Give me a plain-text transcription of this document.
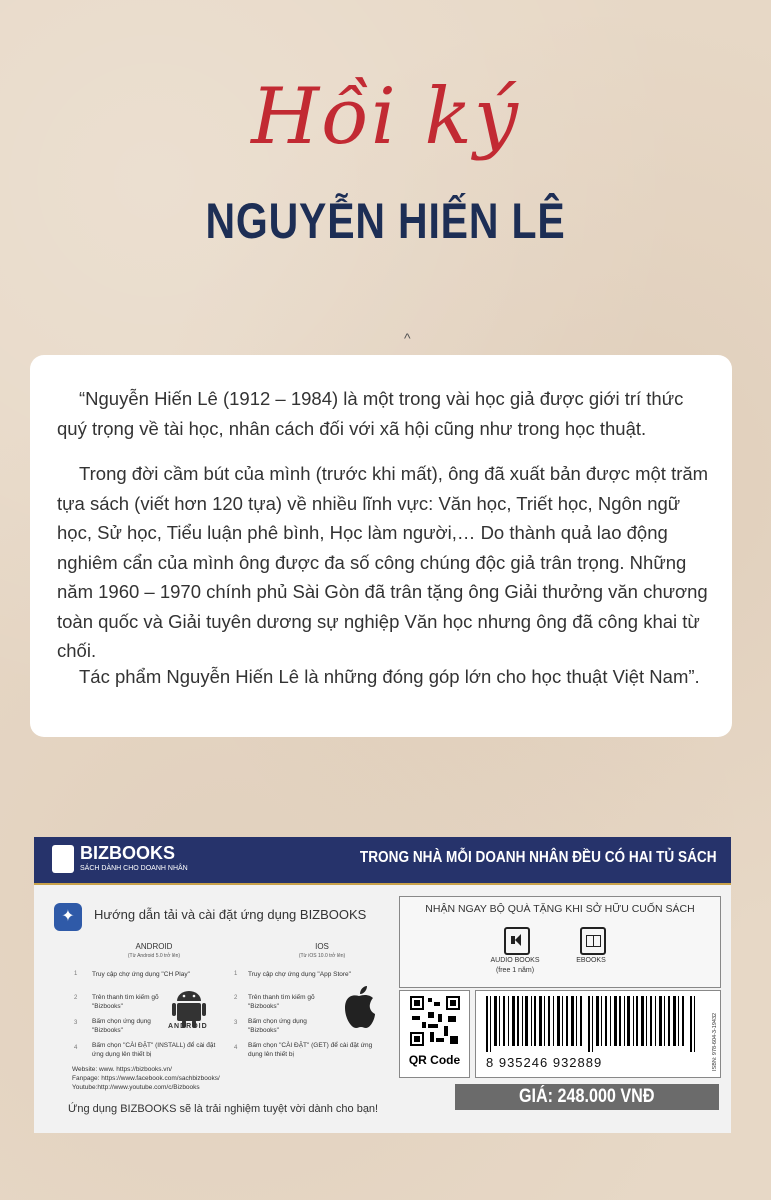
Hồi ký
NGUYỄN HIẾN LÊ
^

“Nguyễn Hiến Lê (1912 – 1984) là một trong vài học giả được giới trí thức quý trọng về tài học, nhân cách đối với xã hội cũng như trong học thuật.

Trong đời cầm bút của mình (trước khi mất), ông đã xuất bản được một trăm tựa sách (viết hơn 120 tựa) về nhiều lĩnh vực: Văn học, Triết học, Ngôn ngữ học, Sử học, Tiểu luận phê bình, Học làm người,… Do thành quả lao động nghiêm cẩn của mình ông được đa số công chúng độc giả trân trọng. Những năm 1960 – 1970 chính phủ Sài Gòn đã trân tặng ông Giải thưởng văn chương toàn quốc và Giải tuyên dương sự nghiệp Văn học nhưng ông đã công khai từ chối.

Tác phẩm Nguyễn Hiến Lê là những đóng góp lớn cho học thuật Việt Nam”.

BIZBOOKS
SÁCH DÀNH CHO DOANH NHÂN
TRONG NHÀ MỖI DOANH NHÂN ĐỀU CÓ HAI TỦ SÁCH
✦	Hướng dẫn tải và cài đặt ứng dụng BIZBOOKS
ANDROID
(Từ Android 5.0 trở lên)
1 Truy cập chợ ứng dụng "CH Play"
2 Trên thanh tìm kiếm gõ "Bizbooks"
3 Bấm chọn ứng dụng "Bizbooks"
4 Bấm chọn "CÀI ĐẶT" (INSTALL) để cài đặt ứng dụng lên thiết bị
ANDROID
IOS
(Từ iOS 10.0 trở lên)
1 Truy cập chợ ứng dụng "App Store"
2 Trên thanh tìm kiếm gõ "Bizbooks"
3 Bấm chọn ứng dụng "Bizbooks"
4 Bấm chọn "CÀI ĐẶT" (GET) để cài đặt ứng dụng lên thiết bị
Website: www. https://bizbooks.vn/
Fanpage: https://www.facebook.com/sachbizbooks/
Youtube:http://www.youtube.com/c/Bizbooks
Ứng dụng BIZBOOKS sẽ là trải nghiệm tuyệt vời dành cho bạn!
NHẬN NGAY BỘ QUÀ TẶNG KHI SỞ HỮU CUỐN SÁCH
AUDIO BOOKS
(free 1 năm)
EBOOKS
QR Code	8 935246 932889	ISBN: 978-604-3-19432
GIÁ: 248.000 VNĐ
